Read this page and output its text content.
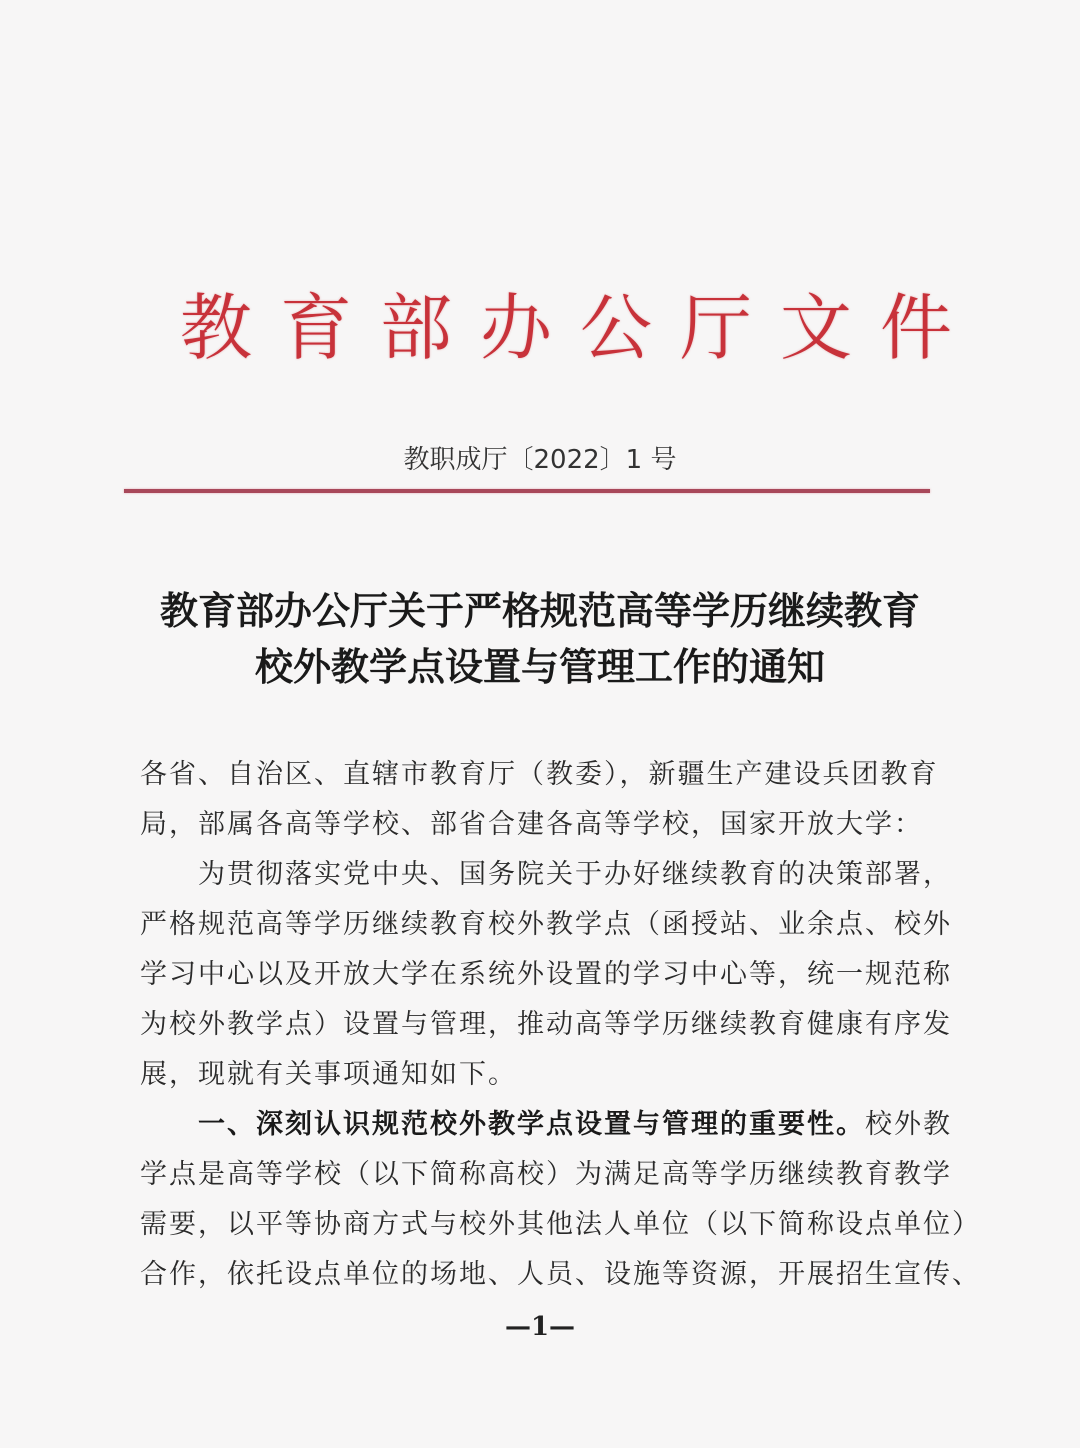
教育部办公厅文件
教职成厅〔2022〕1 号
教育部办公厅关于严格规范高等学历继续教育
校外教学点设置与管理工作的通知
各省、自治区、直辖市教育厅（教委），新疆生产建设兵团教育
局，部属各高等学校、部省合建各高等学校，国家开放大学：
为贯彻落实党中央、国务院关于办好继续教育的决策部署，
严格规范高等学历继续教育校外教学点（函授站、业余点、校外
学习中心以及开放大学在系统外设置的学习中心等，统一规范称
为校外教学点）设置与管理，推动高等学历继续教育健康有序发
展，现就有关事项通知如下。
一、深刻认识规范校外教学点设置与管理的重要性。校外教
学点是高等学校（以下简称高校）为满足高等学历继续教育教学
需要，以平等协商方式与校外其他法人单位（以下简称设点单位）
合作，依托设点单位的场地、人员、设施等资源，开展招生宣传、
—1—
